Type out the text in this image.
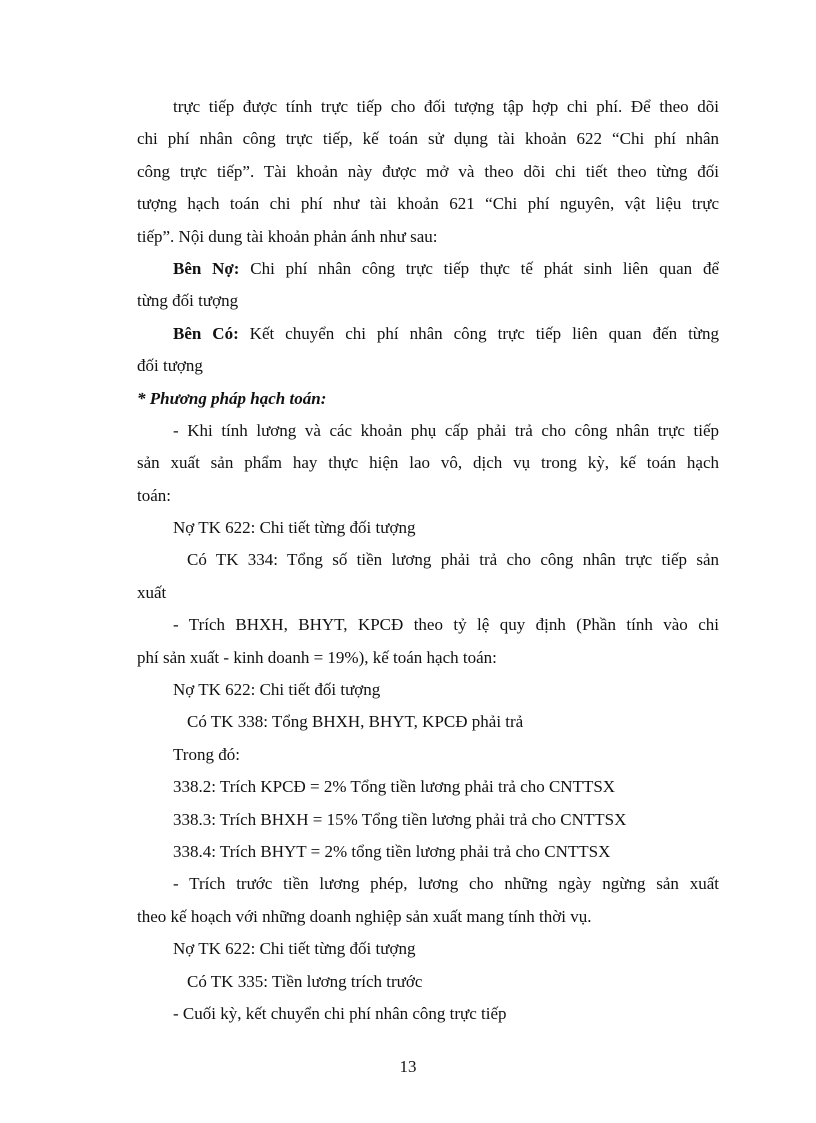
trực tiếp được tính trực tiếp cho đối tượng tập hợp chi phí. Để theo dõi
chi phí nhân công trực tiếp, kế toán sử dụng tài khoản 622 “Chi phí nhân
công trực tiếp”. Tài khoản này được mở và theo dõi chi tiết theo từng đối
tượng hạch toán chi phí như tài khoản 621 “Chi phí nguyên, vật liệu trực
tiếp”. Nội dung tài khoản phản ánh như sau:
Bên Nợ: Chi phí nhân công trực tiếp thực tế phát sinh liên quan để
từng đối tượng
Bên Có: Kết chuyển chi phí nhân công trực tiếp liên quan đến từng
đối tượng
* Phương pháp hạch toán:
- Khi tính lương và các khoản phụ cấp phải trả cho công nhân trực tiếp
sản xuất sản phẩm hay thực hiện lao vô, dịch vụ trong kỳ, kế toán hạch
toán:
Nợ TK 622: Chi tiết từng đối tượng
Có TK 334: Tổng số tiền lương phải trả cho công nhân trực tiếp sản
xuất
- Trích BHXH, BHYT, KPCĐ theo tỷ lệ quy định (Phần tính vào chi
phí sản xuất - kinh doanh = 19%), kế toán hạch toán:
Nợ TK 622: Chi tiết đối tượng
Có TK 338: Tổng BHXH, BHYT, KPCĐ phải trả
Trong đó:
338.2: Trích KPCĐ = 2% Tổng tiền lương phải trả cho CNTTSX
338.3: Trích BHXH = 15% Tổng tiền lương phải trả cho CNTTSX
338.4: Trích BHYT = 2% tổng tiền lương phải trả cho CNTTSX
- Trích trước tiền lương phép, lương cho những ngày ngừng sản xuất
theo kế hoạch với những doanh nghiệp sản xuất mang tính thời vụ.
Nợ TK 622: Chi tiết từng đối tượng
Có TK 335: Tiền lương trích trước
- Cuối kỳ, kết chuyển chi phí nhân công trực tiếp
13
